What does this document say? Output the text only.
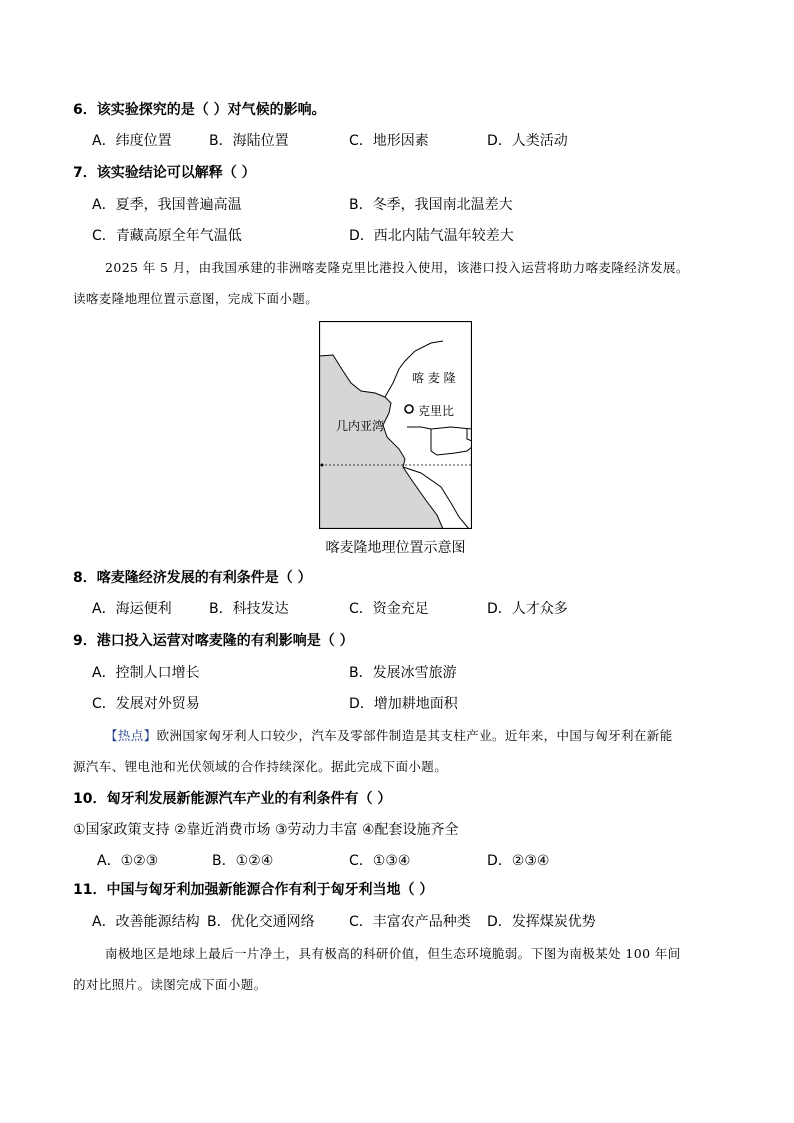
6．该实验探究的是（ ）对气候的影响。
A．纬度位置	B．海陆位置	C．地形因素	D．人类活动
7．该实验结论可以解释（ ）
A．夏季，我国普遍高温	B．冬季，我国南北温差大
C．青藏高原全年气温低	D．西北内陆气温年较差大
2025 年 5 月，由我国承建的非洲喀麦隆克里比港投入使用，该港口投入运营将助力喀麦隆经济发展。
读喀麦隆地理位置示意图，完成下面小题。
克里比
喀 麦 隆
几内亚湾
喀麦隆地理位置示意图
8．喀麦隆经济发展的有利条件是（ ）
A．海运便利	B．科技发达	C．资金充足	D．人才众多
9．港口投入运营对喀麦隆的有利影响是（ ）
A．控制人口增长	B．发展冰雪旅游
C．发展对外贸易	D．增加耕地面积
【热点】欧洲国家匈牙利人口较少，汽车及零部件制造是其支柱产业。近年来，中国与匈牙利在新能
源汽车、锂电池和光伏领域的合作持续深化。据此完成下面小题。
10．匈牙利发展新能源汽车产业的有利条件有（ ）
①国家政策支持 ②靠近消费市场 ③劳动力丰富 ④配套设施齐全
A．①②③	B．①②④	C．①③④	D．②③④
11．中国与匈牙利加强新能源合作有利于匈牙利当地（ ）
A．改善能源结构 B．优化交通网络 C．丰富农产品种类 D．发挥煤炭优势
南极地区是地球上最后一片净土，具有极高的科研价值，但生态环境脆弱。下图为南极某处 100 年间
的对比照片。读图完成下面小题。
